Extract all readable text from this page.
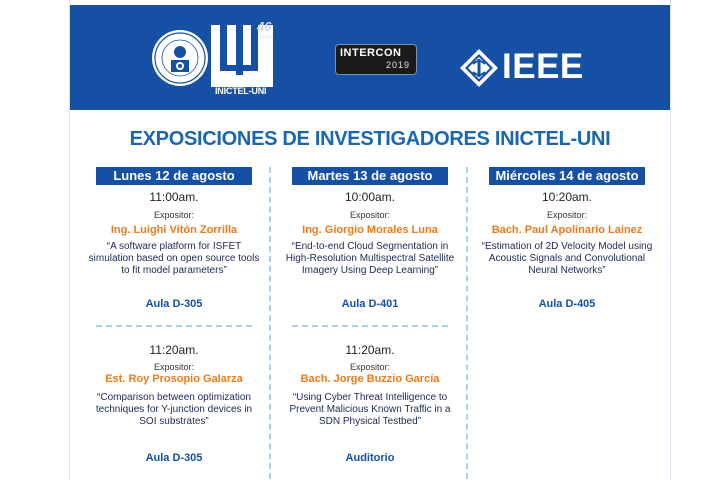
INICTEL-UNI
46
AÑOS
INTERCON
2019	IEEE
EXPOSICIONES DE INVESTIGADORES INICTEL-UNI
Lunes 12 de agosto
11:00am.
Expositor:
Ing. Luighi Vitón Zorrilla
“A software platform for ISFET simulation based on open source tools to fit model parameters”
Aula D-305
11:20am.
Expositor:
Est. Roy Prosopio Galarza
“Comparison between optimization techniques for Y-junction devices in SOI substrates”
Aula D-305
Martes 13 de agosto
10:00am.
Expositor:
Ing. Giorgio Morales Luna
“End-to-end Cloud Segmentation in High-Resolution Multispectral Satellite Imagery Using Deep Learning”
Aula D-401
11:20am.
Expositor:
Bach. Jorge Buzzio García
“Using Cyber Threat Intelligence to Prevent Malicious Known Traffic in a SDN Physical Testbed”
Auditorio
Miércoles 14 de agosto
10:20am.
Expositor:
Bach. Paul Apolinario Lainez
“Estimation of 2D Velocity Model using Acoustic Signals and Convolutional Neural Networks”
Aula D-405
